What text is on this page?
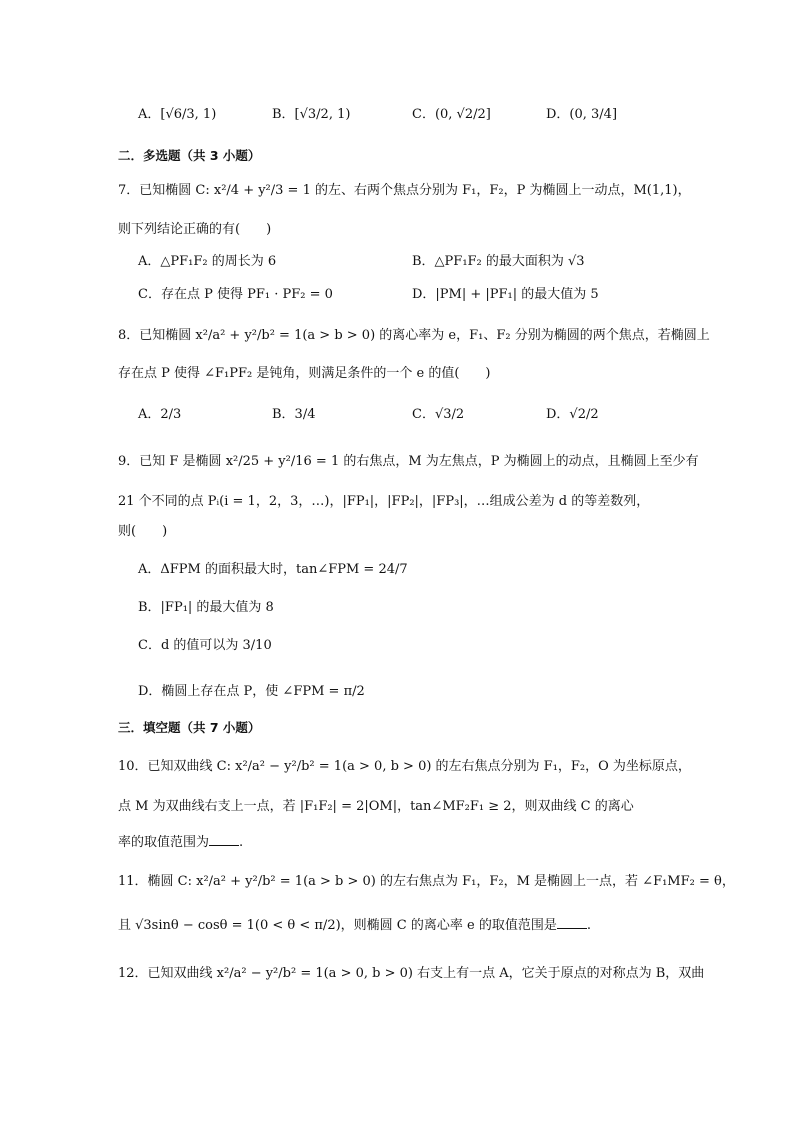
A．[√6/3, 1)	B．[√3/2, 1)	C．(0, √2/2]	D．(0, 3/4]
二．多选题（共 3 小题）
7．已知椭圆 C: x²/4 + y²/3 = 1 的左、右两个焦点分别为 F₁，F₂，P 为椭圆上一动点，M(1,1)，
则下列结论正确的有(　　)
A．△PF₁F₂ 的周长为 6	B．△PF₁F₂ 的最大面积为 √3
C．存在点 P 使得 PF₁ · PF₂ = 0	D．|PM| + |PF₁| 的最大值为 5
8．已知椭圆 x²/a² + y²/b² = 1(a > b > 0) 的离心率为 e，F₁、F₂ 分别为椭圆的两个焦点，若椭圆上
存在点 P 使得 ∠F₁PF₂ 是钝角，则满足条件的一个 e 的值(　　)
A．2/3	B．3/4	C．√3/2	D．√2/2
9．已知 F 是椭圆 x²/25 + y²/16 = 1 的右焦点，M 为左焦点，P 为椭圆上的动点，且椭圆上至少有
21 个不同的点 Pᵢ(i = 1，2，3，…)，|FP₁|，|FP₂|，|FP₃|，…组成公差为 d 的等差数列，
则(　　)
A．ΔFPM 的面积最大时，tan∠FPM = 24/7
B．|FP₁| 的最大值为 8
C．d 的值可以为 3/10
D．椭圆上存在点 P，使 ∠FPM = π/2
三．填空题（共 7 小题）
10．已知双曲线 C: x²/a² − y²/b² = 1(a > 0, b > 0) 的左右焦点分别为 F₁，F₂，O 为坐标原点，
点 M 为双曲线右支上一点，若 |F₁F₂| = 2|OM|，tan∠MF₂F₁ ≥ 2，则双曲线 C 的离心
率的取值范围为 .
11．椭圆 C: x²/a² + y²/b² = 1(a > b > 0) 的左右焦点为 F₁，F₂，M 是椭圆上一点，若 ∠F₁MF₂ = θ，
且 √3sinθ − cosθ = 1(0 < θ < π/2)，则椭圆 C 的离心率 e 的取值范围是 .
12．已知双曲线 x²/a² − y²/b² = 1(a > 0, b > 0) 右支上有一点 A，它关于原点的对称点为 B，双曲
